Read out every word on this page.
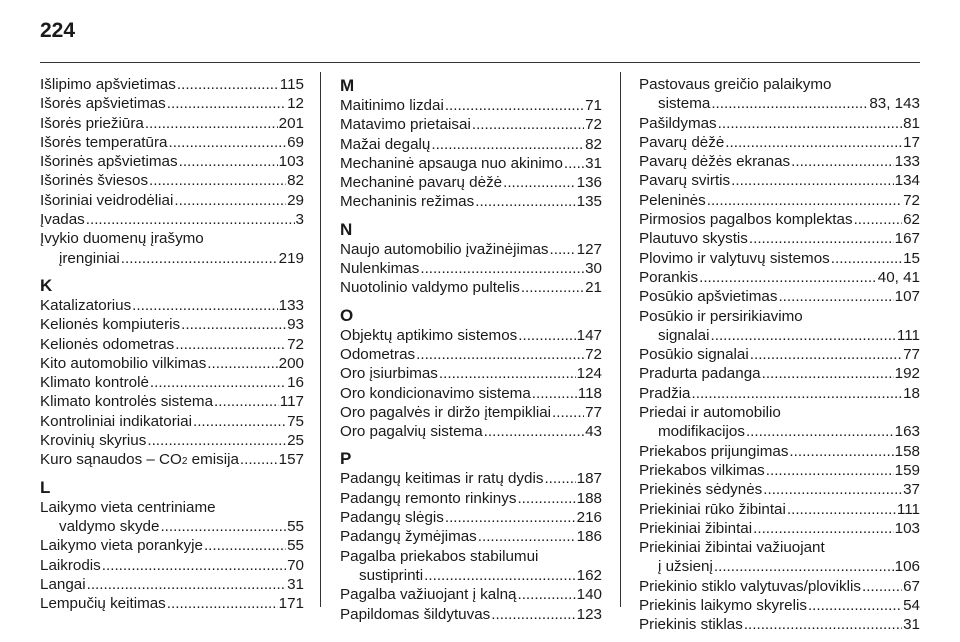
224
Išlipimo apšvietimas .....	115
Išorės apšvietimas .....	12
Išorės priežiūra .....	201
Išorės temperatūra .....	69
Išorinės apšvietimas .....	103
Išorinės šviesos .....	82
Išoriniai veidrodėliai .....	29
Įvadas .....	3
Įvykio duomenų įrašymo
įrenginiai .....	219
K
Katalizatorius .....	133
Kelionės kompiuteris .....	93
Kelionės odometras .....	72
Kito automobilio vilkimas .....	200
Klimato kontrolė .....	16
Klimato kontrolės sistema .....	117
Kontroliniai indikatoriai .....	75
Krovinių skyrius .....	25
Kuro sąnaudos – CO 2 emisija .....	157
L
Laikymo vieta centriniame
valdymo skyde .....	55
Laikymo vieta porankyje .....	55
Laikrodis .....	70
Langai .....	31
Lempučių keitimas .....	171
M
Maitinimo lizdai .....	71
Matavimo prietaisai .....	72
Mažai degalų .....	82
Mechaninė apsauga nuo akinimo ..... 31
Mechaninė pavarų dėžė .....	136
Mechaninis režimas .....	135
N
Naujo automobilio įvažinėjimas ..... 127
Nulenkimas .....	30
Nuotolinio valdymo pultelis .....	21
O
Objektų aptikimo sistemos .....	147
Odometras .....	72
Oro įsiurbimas .....	124
Oro kondicionavimo sistema .....	118
Oro pagalvės ir diržo įtempikliai ..... 77
Oro pagalvių sistema .....	43
P
Padangų keitimas ir ratų dydis ..... 187
Padangų remonto rinkinys .....	188
Padangų slėgis .....	216
Padangų žymėjimas .....	186
Pagalba priekabos stabilumui
sustiprinti .....	162
Pagalba važiuojant į kalną .....	140
Papildomas šildytuvas .....	123
Pastovaus greičio palaikymo
sistema .....	83, 143
Pašildymas .....	81
Pavarų dėžė .....	17
Pavarų dėžės ekranas .....	133
Pavarų svirtis .....	134
Peleninės .....	72
Pirmosios pagalbos komplektas .....	62
Plautuvo skystis .....	167
Plovimo ir valytuvų sistemos .....	15
Porankis .....	40, 41
Posūkio apšvietimas .....	107
Posūkio ir persirikiavimo
signalai .....	111
Posūkio signalai .....	77
Pradurta padanga .....	192
Pradžia .....	18
Priedai ir automobilio
modifikacijos .....	163
Priekabos prijungimas .....	158
Priekabos vilkimas .....	159
Priekinės sėdynės .....	37
Priekiniai rūko žibintai .....	111
Priekiniai žibintai .....	103
Priekiniai žibintai važiuojant
į užsienį .....	106
Priekinio stiklo valytuvas/ploviklis .....	67
Priekinis laikymo skyrelis .....	54
Priekinis stiklas .....	31
